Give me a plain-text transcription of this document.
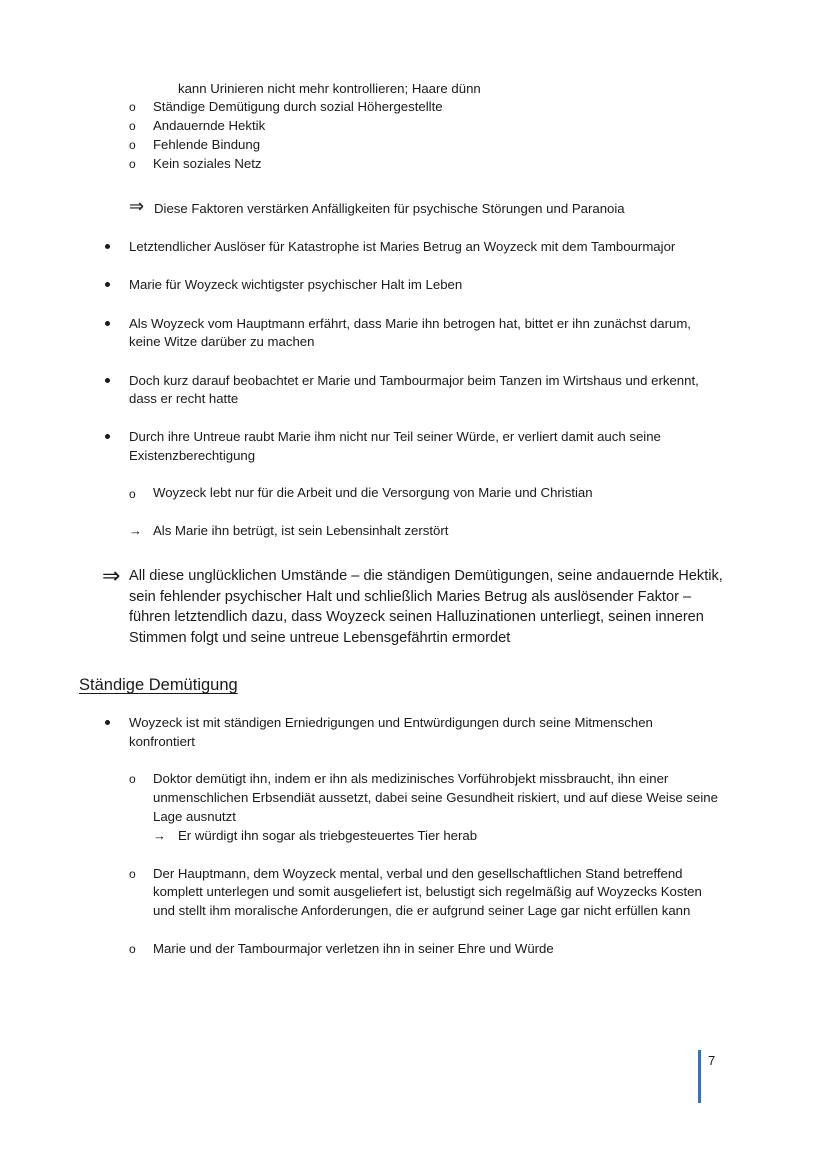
kann Urinieren nicht mehr kontrollieren; Haare dünn
o Ständige Demütigung durch sozial Höhergestellte
o Andauernde Hektik
o Fehlende Bindung
o Kein soziales Netz
⇒ Diese Faktoren verstärken Anfälligkeiten für psychische Störungen und Paranoia
Letztendlicher Auslöser für Katastrophe ist Maries Betrug an Woyzeck mit dem Tambourmajor
Marie für Woyzeck wichtigster psychischer Halt im Leben
Als Woyzeck vom Hauptmann erfährt, dass Marie ihn betrogen hat, bittet er ihn zunächst darum,
keine Witze darüber zu machen
Doch kurz darauf beobachtet er Marie und Tambourmajor beim Tanzen im Wirtshaus und erkennt,
dass er recht hatte
Durch ihre Untreue raubt Marie ihm nicht nur Teil seiner Würde, er verliert damit auch seine
Existenzberechtigung
o Woyzeck lebt nur für die Arbeit und die Versorgung von Marie und Christian
→ Als Marie ihn betrügt, ist sein Lebensinhalt zerstört
⇒ All diese unglücklichen Umstände – die ständigen Demütigungen, seine andauernde Hektik,
sein fehlender psychischer Halt und schließlich Maries Betrug als auslösender Faktor –
führen letztendlich dazu, dass Woyzeck seinen Halluzinationen unterliegt, seinen inneren
Stimmen folgt und seine untreue Lebensgefährtin ermordet
Ständige Demütigung
Woyzeck ist mit ständigen Erniedrigungen und Entwürdigungen durch seine Mitmenschen
konfrontiert
o Doktor demütigt ihn, indem er ihn als medizinisches Vorführobjekt missbraucht, ihn einer
unmenschlichen Erbsendiät aussetzt, dabei seine Gesundheit riskiert, und auf diese Weise seine
Lage ausnutzt
→ Er würdigt ihn sogar als triebgesteuertes Tier herab
o Der Hauptmann, dem Woyzeck mental, verbal und den gesellschaftlichen Stand betreffend
komplett unterlegen und somit ausgeliefert ist, belustigt sich regelmäßig auf Woyzecks Kosten
und stellt ihm moralische Anforderungen, die er aufgrund seiner Lage gar nicht erfüllen kann
o Marie und der Tambourmajor verletzen ihn in seiner Ehre und Würde
7
